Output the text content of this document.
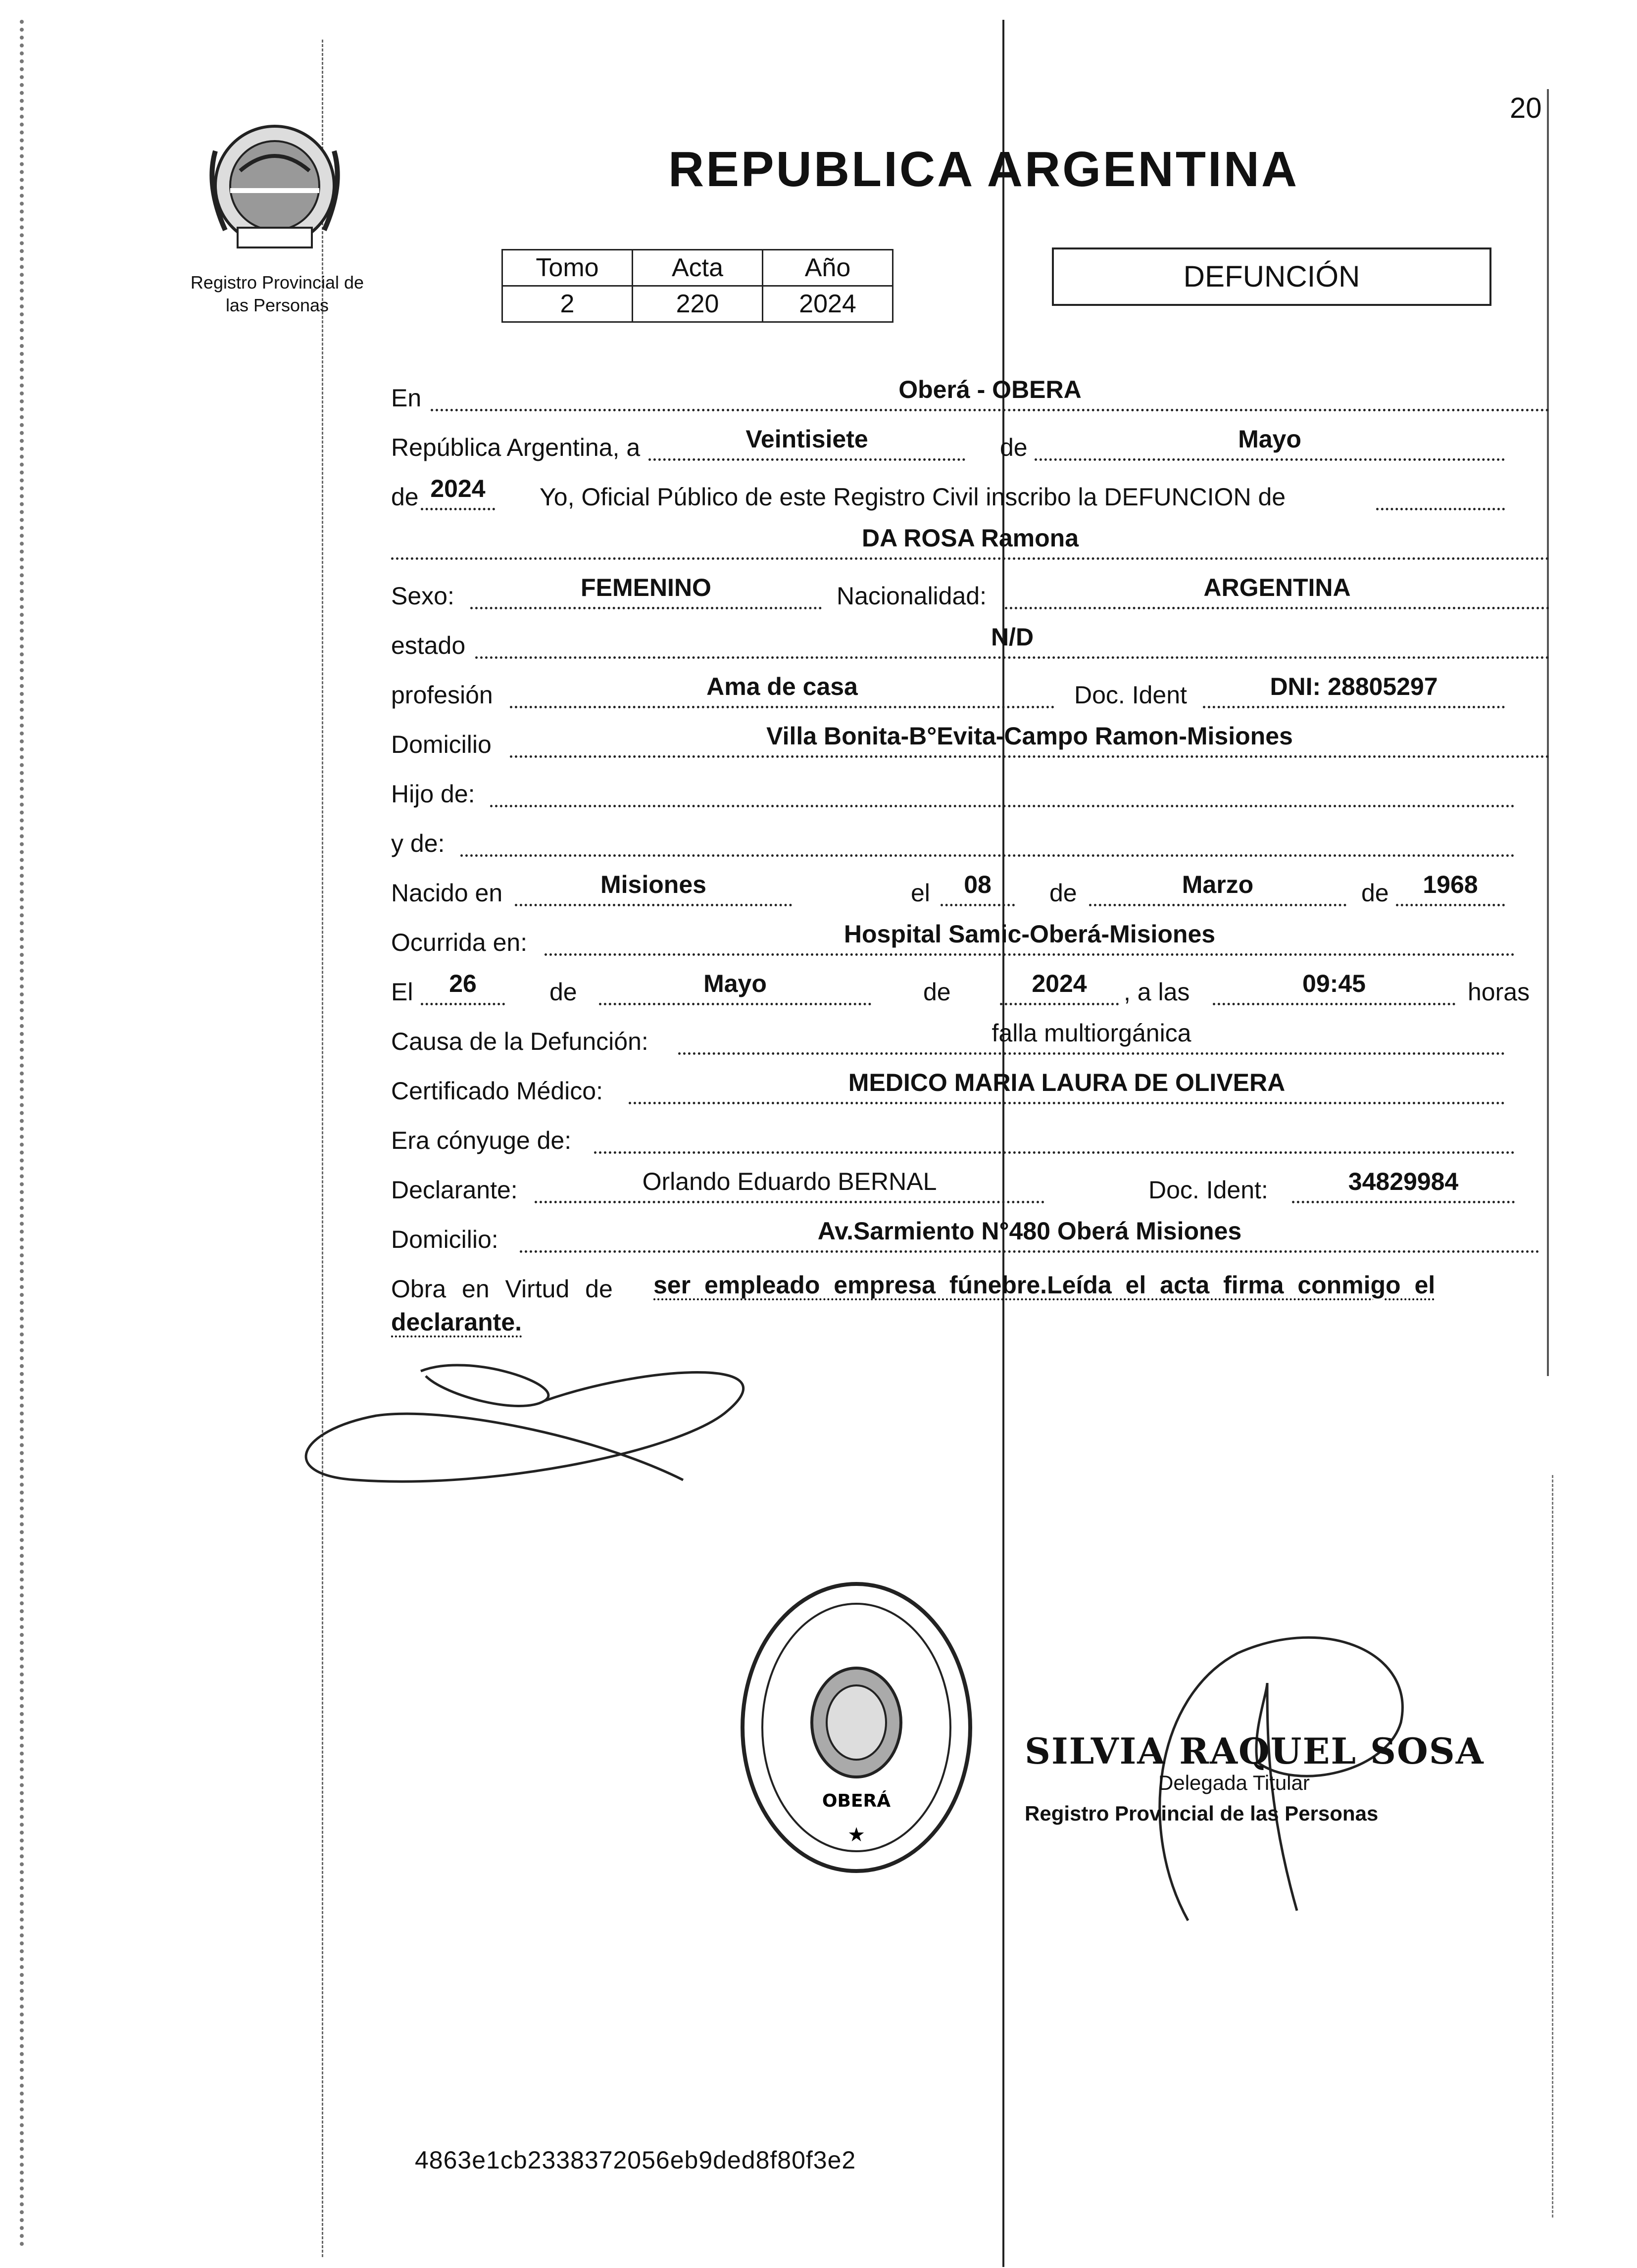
20
Registro Provincial de
las Personas
REPUBLICA ARGENTINA
Tomo	Acta	Año
2	220	2024
DEFUNCIÓN
En	Oberá - OBERA
República Argentina, a	Veintisiete	de	Mayo
de 2024	Yo, Oficial Público de este Registro Civil inscribo la DEFUNCION de
DA ROSA Ramona
Sexo:	FEMENINO	Nacionalidad:	ARGENTINA
estado	N/D
profesión	Ama de casa	Doc. Ident	DNI: 28805297
Domicilio	Villa Bonita-B°Evita-Campo Ramon-Misiones
Hijo de:
y de:
Nacido en	Misiones	el	08	de	Marzo	de	1968
Ocurrida en:	Hospital Samic-Oberá-Misiones
El	26	de	Mayo	de	2024	, a las	09:45	horas
Causa de la Defunción:	falla multiorgánica
Certificado Médico:	MEDICO MARIA LAURA DE OLIVERA
Era cónyuge de:
Declarante:	Orlando Eduardo BERNAL	Doc. Ident:	34829984
Domicilio:	Av.Sarmiento N°480 Oberá Misiones
Obra en Virtud de ser empleado empresa fúnebre.Leída el acta firma conmigo el
declarante.
OBERÁ
★
SILVIA RAQUEL SOSA
Delegada Titular
Registro Provincial de las Personas
4863e1cb2338372056eb9ded8f80f3e2
